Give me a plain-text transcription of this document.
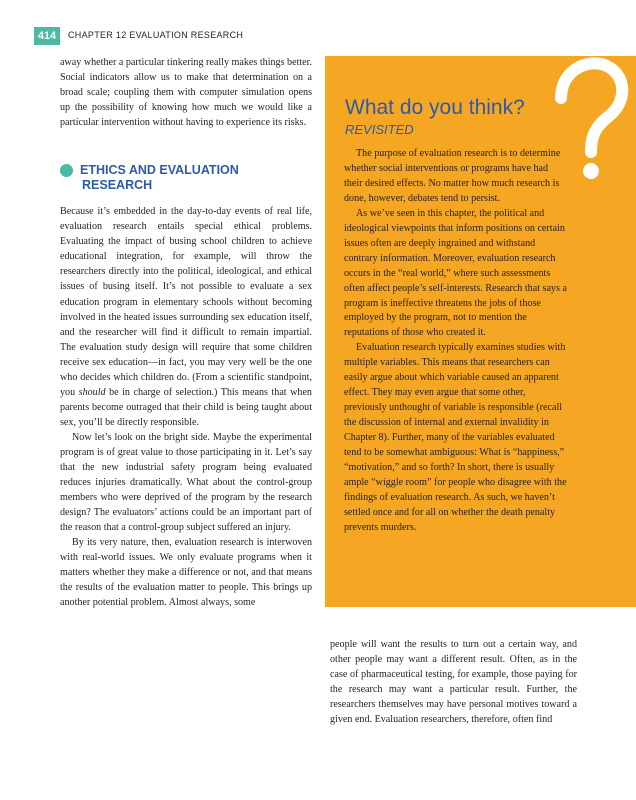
414	CHAPTER 12 EVALUATION RESEARCH

away whether a particular tinkering really makes things better. Social indicators allow us to make that determination on a broad scale; coupling them with computer simulation opens up the possibility of knowing how much we would like a particular intervention without having to experience its risks.

ETHICS AND EVALUATION
RESEARCH

Because it’s embedded in the day-to-day events of real life, evaluation research entails special ethical problems. Evaluating the impact of busing school children to achieve educational integration, for example, will throw the researchers directly into the political, ideological, and ethical issues of busing itself. It’s not possible to evaluate a sex education program in elementary schools without becoming involved in the heated issues surrounding sex education itself, and the researcher will find it difficult to remain impartial. The evaluation study design will require that some children receive sex education—in fact, you may very well be the one who decides which children do. (From a scientific standpoint, you should be in charge of selection.) This means that when parents become outraged that their child is being taught about sex, you’ll be directly responsible.

Now let’s look on the bright side. Maybe the experimental program is of great value to those participating in it. Let’s say that the new industrial safety program being evaluated reduces injuries dramatically. What about the control-group members who were deprived of the program by the research design? The evaluators’ actions could be an important part of the reason that a control-group subject suffered an injury.

By its very nature, then, evaluation research is interwoven with real-world issues. We only evaluate programs when it matters whether they make a difference or not, and that means the results of the evaluation matter to people. This brings up another potential problem. Almost always, some

What do you think?
REVISITED

The purpose of evaluation research is to determine whether social interventions or programs have had their desired effects. No matter how much research is done, however, debates tend to persist.

As we’ve seen in this chapter, the political and ideological viewpoints that inform positions on certain issues often are deeply ingrained and withstand contrary information. Moreover, evaluation research occurs in the “real world,” where such assessments often affect people’s self-interests. Research that says a program is ineffective threatens the jobs of those employed by the program, not to mention the reputations of those who created it.

Evaluation research typically examines studies with multiple variables. This means that researchers can easily argue about which variable caused an apparent effect. They may even argue that some other, previously unthought of variable is responsible (recall the discussion of internal and external invalidity in Chapter 8). Further, many of the variables evaluated tend to be somewhat ambiguous: What is “happiness,” “motivation,” and so forth? In short, there is usually ample “wiggle room” for people who disagree with the findings of evaluation research. As such, we haven’t settled once and for all on whether the death penalty prevents murders.

people will want the results to turn out a certain way, and other people may want a different result. Often, as in the case of pharmaceutical testing, for example, those paying for the research may want a particular result. Further, the researchers themselves may have personal motives toward a given end. Evaluation researchers, therefore, often find
